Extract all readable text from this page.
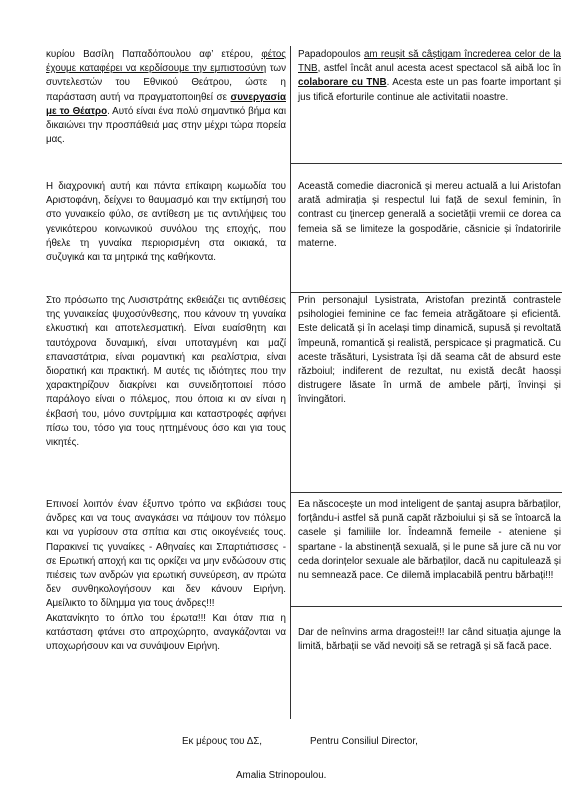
κυρίου Βασίλη Παπαδόπουλου αφ’ ετέρου, φέτος έχουμε καταφέρει να κερδίσουμε την εμπιστοσύνη των συντελεστών του Εθνικού Θεάτρου, ώστε η παράσταση αυτή να πραγματοποιηθεί σε συνεργασία με το Θέατρο. Αυτό είναι ένα πολύ σημαντικό βήμα και δικαιώνει την προσπάθειά μας στην μέχρι τώρα πορεία μας.
Η διαχρονική αυτή και πάντα επίκαιρη κωμωδία του Αριστοφάνη, δείχνει το θαυμασμό και την εκτίμησή του στο γυναικείο φύλο, σε αντίθεση με τις αντιλήψεις του γενικότερου κοινωνικού συνόλου της εποχής, που ήθελε τη γυναίκα περιορισμένη στα οικιακά, τα συζυγικά και τα μητρικά της καθήκοντα.
Στο πρόσωπο της Λυσιστράτης εκθειάζει τις αντιθέσεις της γυναικείας ψυχοσύνθεσης, που κάνουν τη γυναίκα ελκυστική και αποτελεσματική. Είναι ευαίσθητη και ταυτόχρονα δυναμική, είναι υποταγμένη και μαζί επαναστάτρια, είναι ρομαντική και ρεαλίστρια, είναι διορατική και πρακτική. Μ αυτές τις ιδιότητες που την χαρακτηρίζουν διακρίνει και συνειδητοποιεί πόσο παράλογο είναι ο πόλεμος, που όποια κι αν είναι η έκβασή του, μόνο συντρίμμια και καταστροφές αφήνει πίσω του, τόσο για τους ηττημένους όσο και για τους νικητές.
Επινοεί λοιπόν έναν έξυπνο τρόπο να εκβιάσει τους άνδρες και να τους αναγκάσει να πάψουν τον πόλεμο και να γυρίσουν στα σπίτια και στις οικογένειές τους. Παρακινεί τις γυναίκες - Αθηναίες και Σπαρτιάτισσες - σε Ερωτική αποχή και τις ορκίζει να μην ενδώσουν στις πιέσεις των ανδρών για ερωτική συνεύρεση, αν πρώτα δεν συνθηκολογήσουν και δεν κάνουν Ειρήνη. Αμείλικτο το δίλημμα για τους άνδρες!!!
Ακατανίκητο το όπλο του έρωτα!!! Και όταν πια η κατάσταση φτάνει στο απροχώρητο, αναγκάζονται να υποχωρήσουν και να συνάψουν Ειρήνη.
Papadopoulos am reușit să câștigam încrederea celor de la TNB, astfel încât anul acesta acest spectacol să aibă loc în colaborare cu TNB. Acesta este un pas foarte important și jus tifică eforturile continue ale activitatii noastre.
Această comedie diacronică și mereu actuală a lui Aristofan arată admirația și respectul lui față de sexul feminin, în contrast cu ţinercep generală a societății vremii ce dorea ca femeia să se limiteze la gospodărie, căsnicie și îndatoririle materne.
Prin personajul Lysistrata, Aristofan prezintă contrastele psihologiei feminine ce fac femeia atrăgătoare și eficientă. Este delicată și în același timp dinamică, supusă și revoltată împeună, romantică și realistă, perspicace și pragmatică. Cu aceste trăsături, Lysistrata își dă seama cât de absurd este războiul; indiferent de rezultat, nu există decât haosși distrugere lăsate în urmă de ambele părți, învinși și învingători.
Ea născocește un mod inteligent de șantaj asupra bărbaților, forțându-i astfel să pună capăt războiului și să se întoarcă la casele și familiile lor. Îndeamnă femeile - ateniene și spartane - la abstinență sexuală, și le pune să jure că nu vor ceda dorințelor sexuale ale bărbaților, dacă nu capitulează și nu semnează pace. Ce dilemă implacabilă pentru bărbați!!!
Dar de neînvins arma dragostei!!! Iar când situația ajunge la limită, bărbații se văd nevoiți să se retragă și să facă pace.
Εκ μέρους του ΔΣ,	Pentru Consiliul Director,
Amalia Strinopoulou.
